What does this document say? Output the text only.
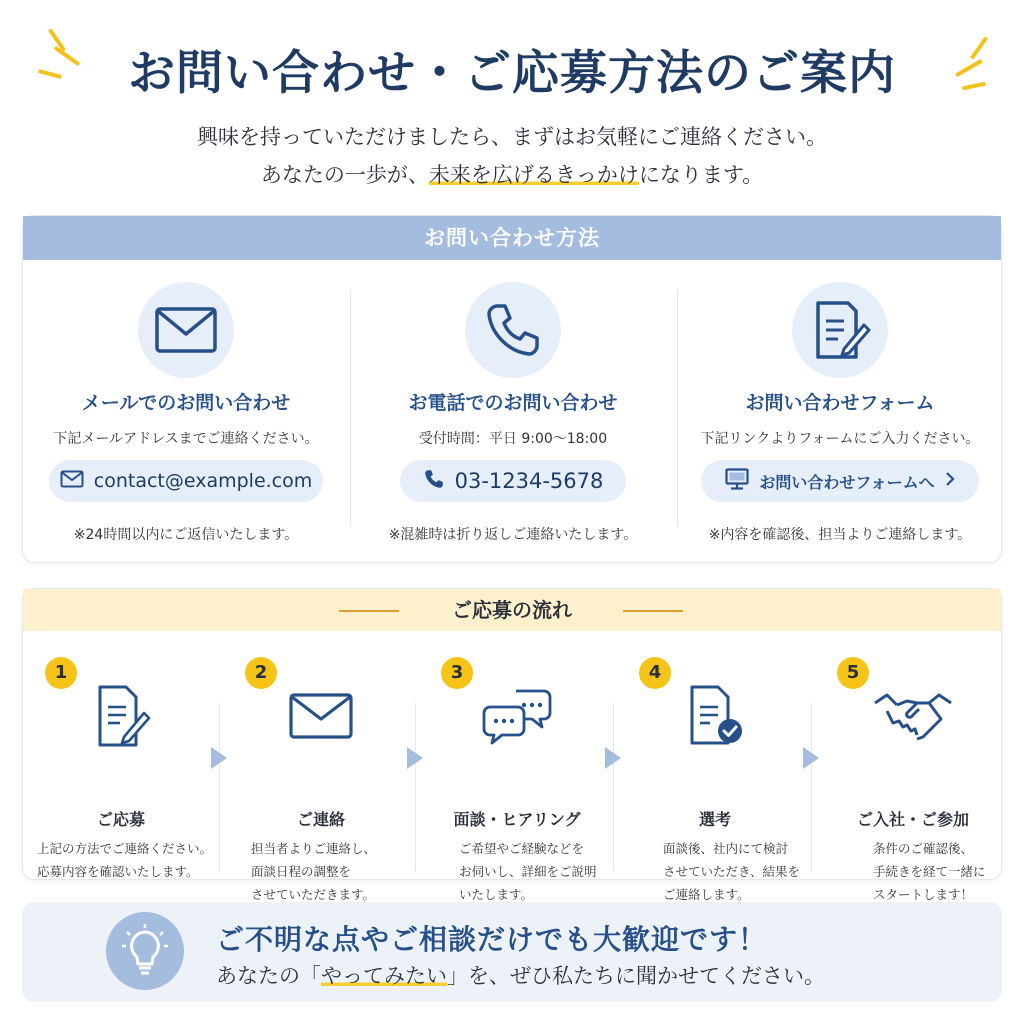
お問い合わせ・ご応募方法のご案内
興味を持っていただけましたら、まずはお気軽にご連絡ください。
あなたの一歩が、未来を広げるきっかけになります。
お問い合わせ方法
メールでのお問い合わせ
下記メールアドレスまでご連絡ください。
contact@example.com
※24時間以内にご返信いたします。
お電話でのお問い合わせ
受付時間：平日 9:00〜18:00
03-1234-5678
※混雑時は折り返しご連絡いたします。
お問い合わせフォーム
下記リンクよりフォームにご入力ください。
お問い合わせフォームへ
※内容を確認後、担当よりご連絡します。
ご応募の流れ
1
ご応募
上記の方法でご連絡ください。
応募内容を確認いたします。
2
ご連絡
担当者よりご連絡し、
面談日程の調整を
させていただきます。
3
面談・ヒアリング
ご希望やご経験などを
お伺いし、詳細をご説明
いたします。
4
選考
面談後、社内にて検討
させていただき、結果を
ご連絡します。
5
ご入社・ご参加
条件のご確認後、
手続きを経て一緒に
スタートします！
ご不明な点やご相談だけでも大歓迎です！
あなたの「やってみたい」を、ぜひ私たちに聞かせてください。
